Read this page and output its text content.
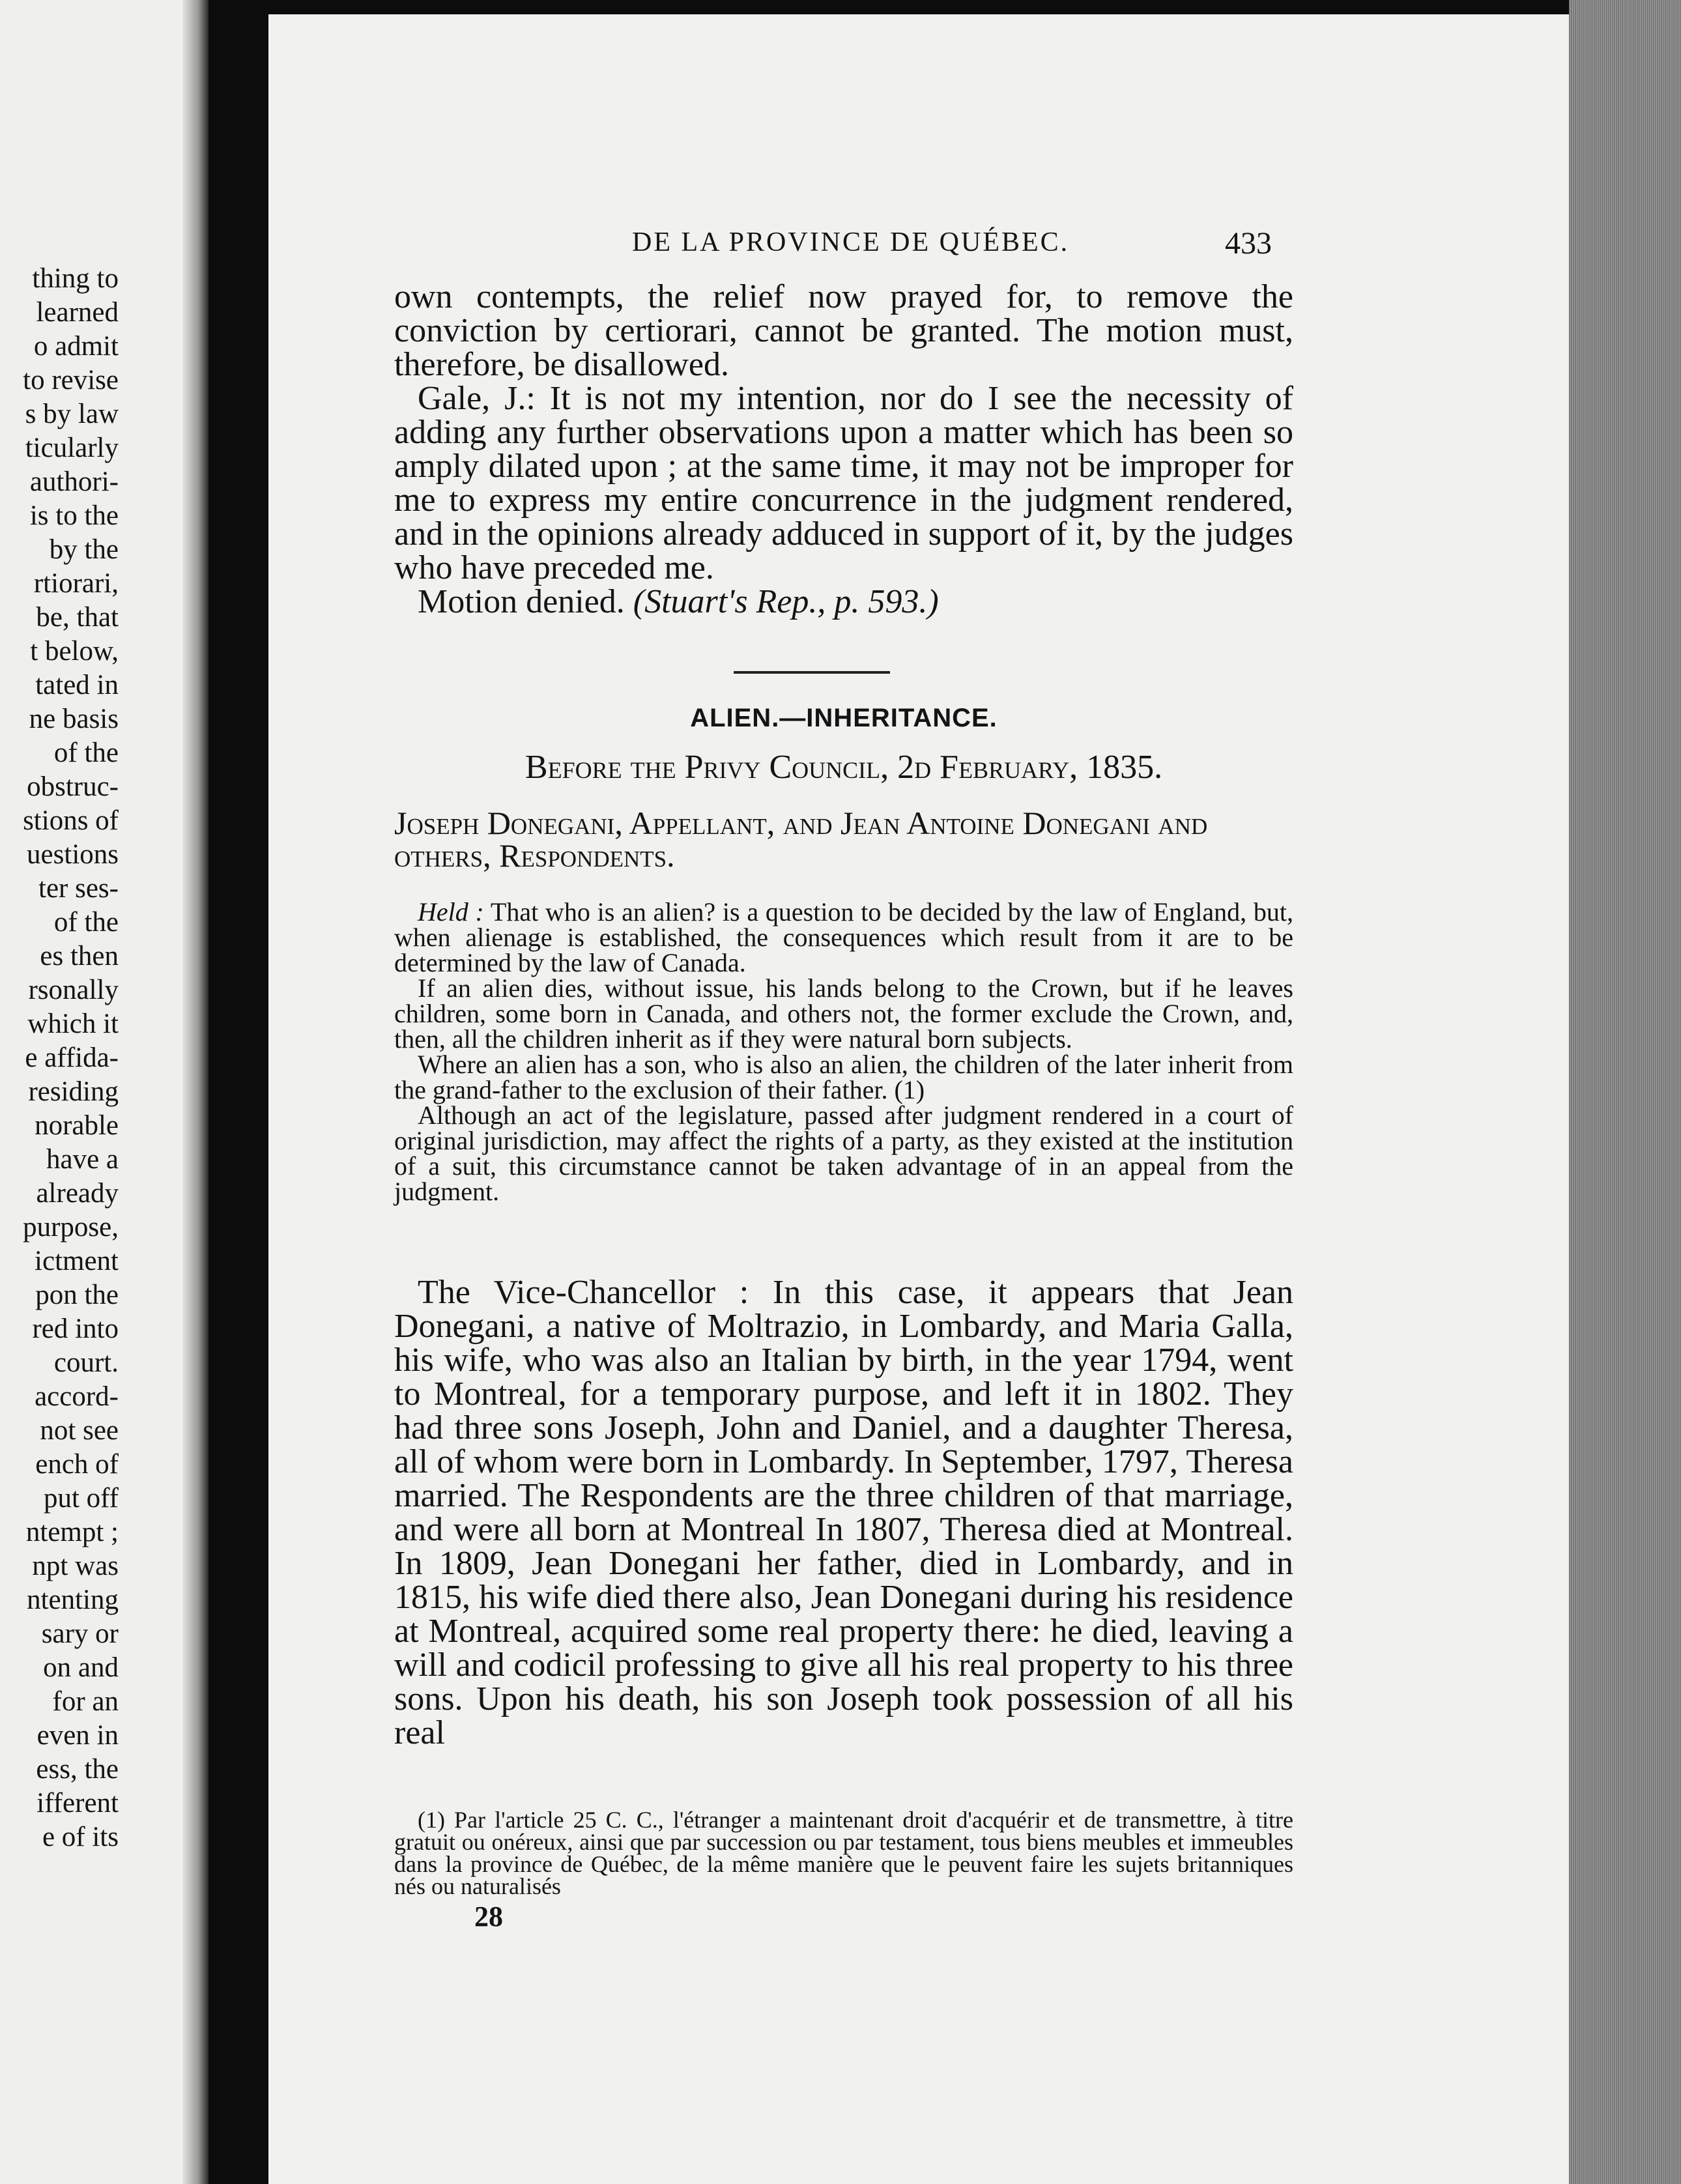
thing to
learned
o admit
to revise
s by law
ticularly
authori-
is to the
by the
rtiorari,
be, that
t below,
tated in
ne basis
of the
obstruc-
stions of
uestions
ter ses-
of the
es then
rsonally
which it
e affida-
residing
norable
have a
already
purpose,
ictment
pon the
red into
court.
accord-
not see
ench of
put off
ntempt ;
npt was
ntenting
sary or
on and
for an
even in
ess, the
ifferent
e of its
DE LA PROVINCE DE QUÉBEC.	433

own contempts, the relief now prayed for, to remove the conviction by certiorari, cannot be granted. The motion must, therefore, be disallowed.

Gale, J.: It is not my intention, nor do I see the necessity of adding any further observations upon a matter which has been so amply dilated upon ; at the same time, it may not be improper for me to express my entire concurrence in the judgment rendered, and in the opinions already adduced in support of it, by the judges who have preceded me.

Motion denied. (Stuart's Rep., p. 593.)

ALIEN.—INHERITANCE.
Before the Privy Council, 2d February, 1835.
Joseph Donegani, Appellant, and Jean Antoine Donegani and others, Respondents.

Held : That who is an alien? is a question to be decided by the law of England, but, when alienage is established, the consequences which result from it are to be determined by the law of Canada.

If an alien dies, without issue, his lands belong to the Crown, but if he leaves children, some born in Canada, and others not, the former exclude the Crown, and, then, all the children inherit as if they were natural born subjects.

Where an alien has a son, who is also an alien, the children of the later inherit from the grand-father to the exclusion of their father. (1)

Although an act of the legislature, passed after judgment rendered in a court of original jurisdiction, may affect the rights of a party, as they existed at the institution of a suit, this circumstance cannot be taken advantage of in an appeal from the judgment.

The Vice-Chancellor : In this case, it appears that Jean Donegani, a native of Moltrazio, in Lombardy, and Maria Galla, his wife, who was also an Italian by birth, in the year 1794, went to Montreal, for a temporary purpose, and left it in 1802. They had three sons Joseph, John and Daniel, and a daughter Theresa, all of whom were born in Lombardy. In September, 1797, Theresa married. The Respondents are the three children of that marriage, and were all born at Montreal In 1807, Theresa died at Montreal. In 1809, Jean Donegani her father, died in Lombardy, and in 1815, his wife died there also, Jean Donegani during his residence at Montreal, acquired some real property there: he died, leaving a will and codicil professing to give all his real property to his three sons. Upon his death, his son Joseph took possession of all his real

(1) Par l'article 25 C. C., l'étranger a maintenant droit d'acquérir et de transmettre, à titre gratuit ou onéreux, ainsi que par succession ou par testament, tous biens meubles et immeubles dans la province de Québec, de la même manière que le peuvent faire les sujets britanniques nés ou naturalisés

28
